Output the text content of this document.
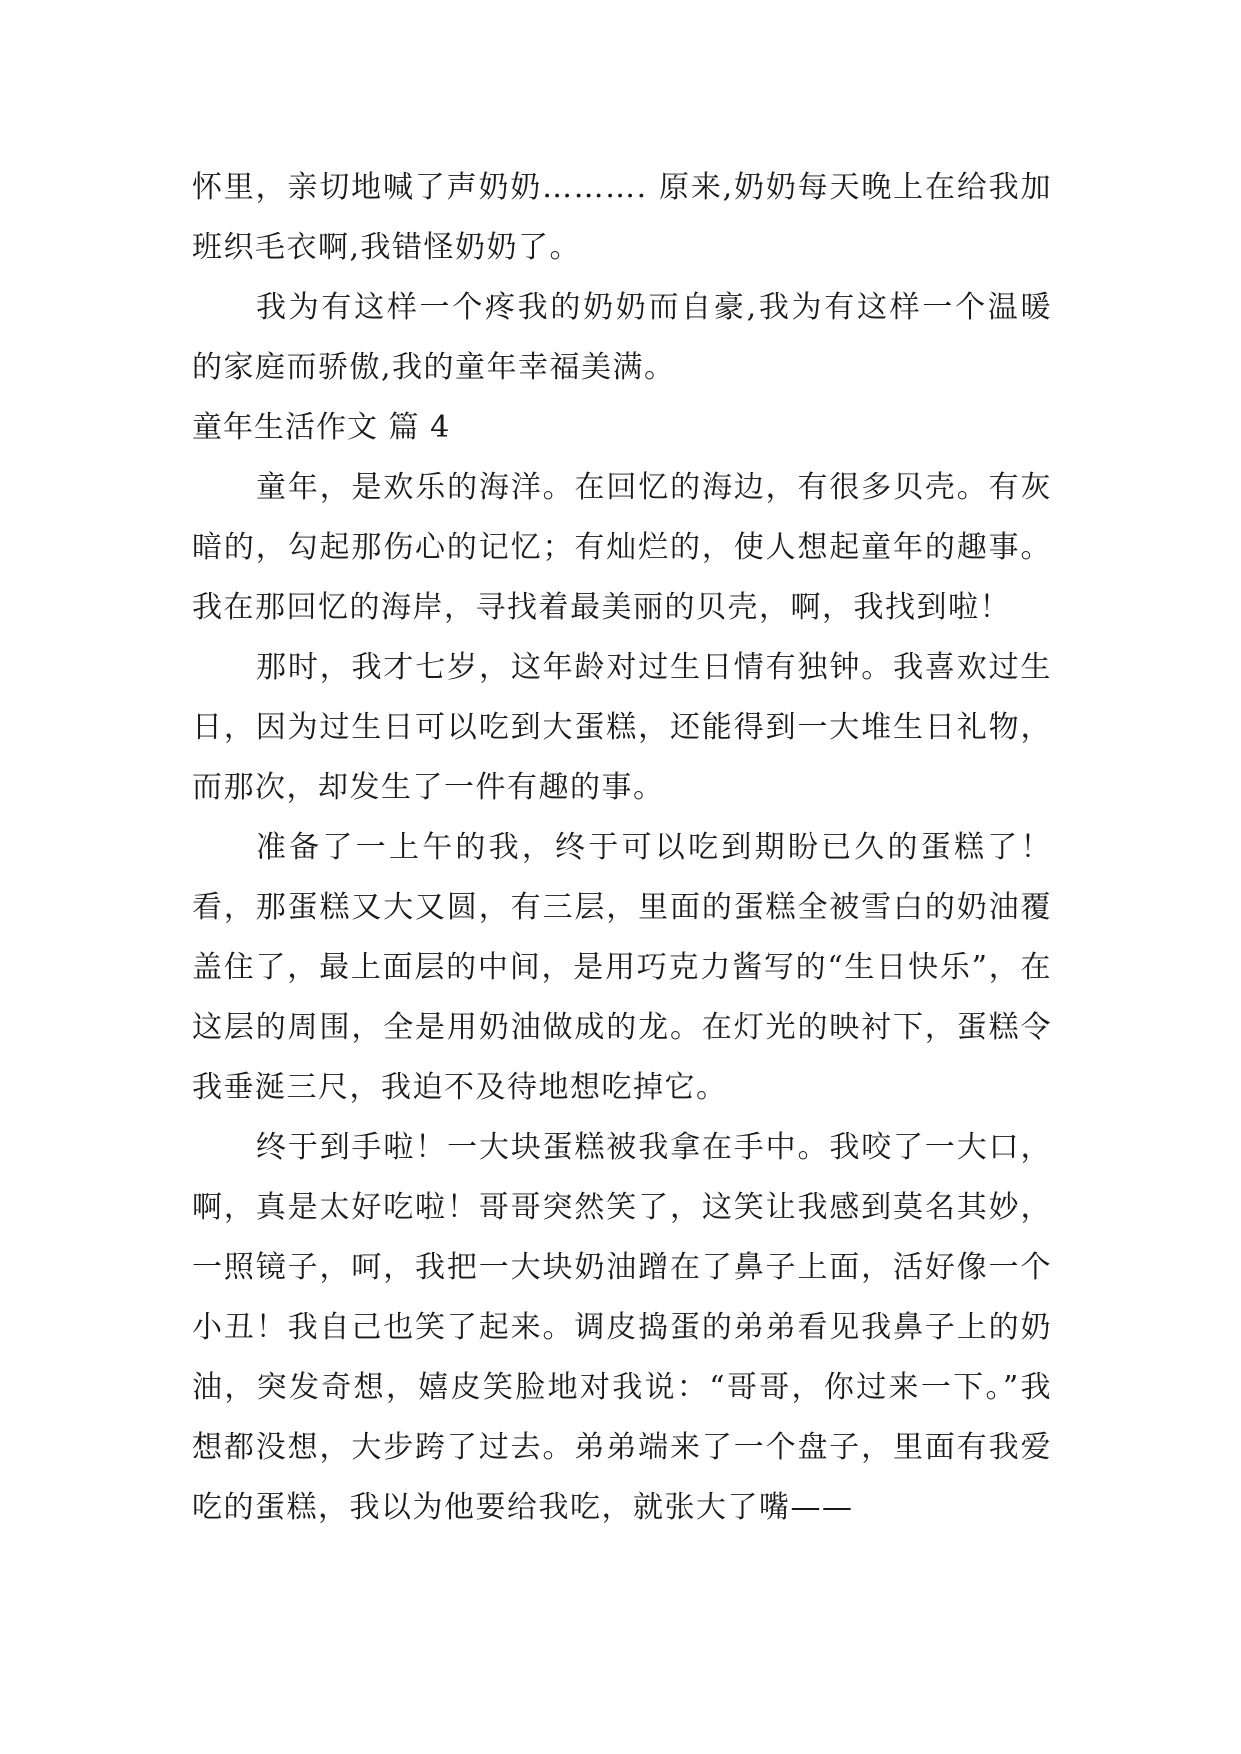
怀里，亲切地喊了声奶奶………. 原来,奶奶每天晚上在给我加班织毛衣啊,我错怪奶奶了。

我为有这样一个疼我的奶奶而自豪,我为有这样一个温暖的家庭而骄傲,我的童年幸福美满。

童年生活作文 篇 4

童年，是欢乐的海洋。在回忆的海边，有很多贝壳。有灰暗的，勾起那伤心的记忆；有灿烂的，使人想起童年的趣事。我在那回忆的海岸，寻找着最美丽的贝壳，啊，我找到啦！

那时，我才七岁，这年龄对过生日情有独钟。我喜欢过生日，因为过生日可以吃到大蛋糕，还能得到一大堆生日礼物，而那次，却发生了一件有趣的事。

准备了一上午的我，终于可以吃到期盼已久的蛋糕了！看，那蛋糕又大又圆，有三层，里面的蛋糕全被雪白的奶油覆盖住了，最上面层的中间，是用巧克力酱写的“生日快乐”，在这层的周围，全是用奶油做成的龙。在灯光的映衬下，蛋糕令我垂涎三尺，我迫不及待地想吃掉它。

终于到手啦！一大块蛋糕被我拿在手中。我咬了一大口，啊，真是太好吃啦！哥哥突然笑了，这笑让我感到莫名其妙，一照镜子，呵，我把一大块奶油蹭在了鼻子上面，活好像一个小丑！我自己也笑了起来。调皮捣蛋的弟弟看见我鼻子上的奶油，突发奇想，嬉皮笑脸地对我说：“哥哥，你过来一下。”我想都没想，大步跨了过去。弟弟端来了一个盘子，里面有我爱吃的蛋糕，我以为他要给我吃，就张大了嘴——
